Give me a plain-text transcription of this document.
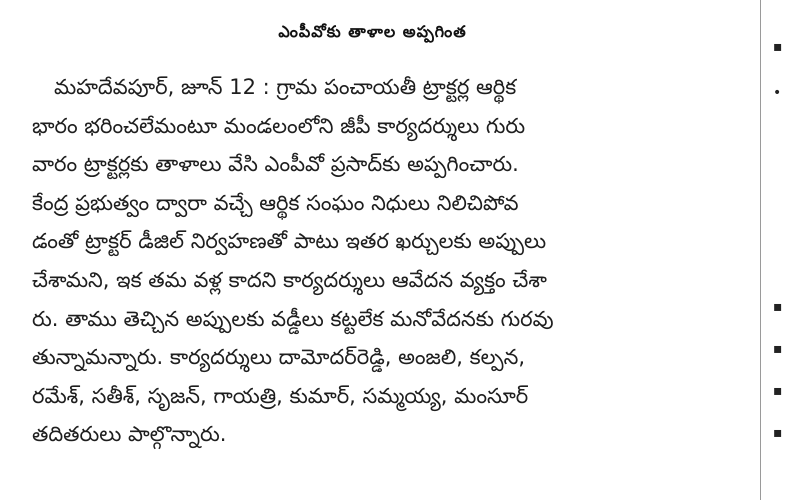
ఎంపీవోకు తాళాల అప్పగింత
మహదేవపూర్, జూన్ 12 : గ్రామ పంచాయతీ ట్రాక్టర్ల ఆర్థిక
భారం భరించలేమంటూ మండలంలోని జీపీ కార్యదర్శులు గురు
వారం ట్రాక్టర్లకు తాళాలు వేసి ఎంపీవో ప్రసాద్‌కు అప్పగించారు.
కేంద్ర ప్రభుత్వం ద్వారా వచ్చే ఆర్థిక సంఘం నిధులు నిలిచిపోవ
డంతో ట్రాక్టర్ డీజిల్ నిర్వహణతో పాటు ఇతర ఖర్చులకు అప్పులు
చేశామని, ఇక తమ వళ్ల కాదని కార్యదర్శులు ఆవేదన వ్యక్తం చేశా
రు. తాము తెచ్చిన అప్పులకు వడ్డీలు కట్టలేక మనోవేదనకు గురవు
తున్నామన్నారు. కార్యదర్శులు దామోదర్‌రెడ్డి, అంజలి, కల్పన,
రమేశ్, సతీశ్, సృజన్, గాయత్రి, కుమార్, సమ్మయ్య, మంసూర్
తదితరులు పాల్గొన్నారు.
▪
•
▪
▪
▪
▪
